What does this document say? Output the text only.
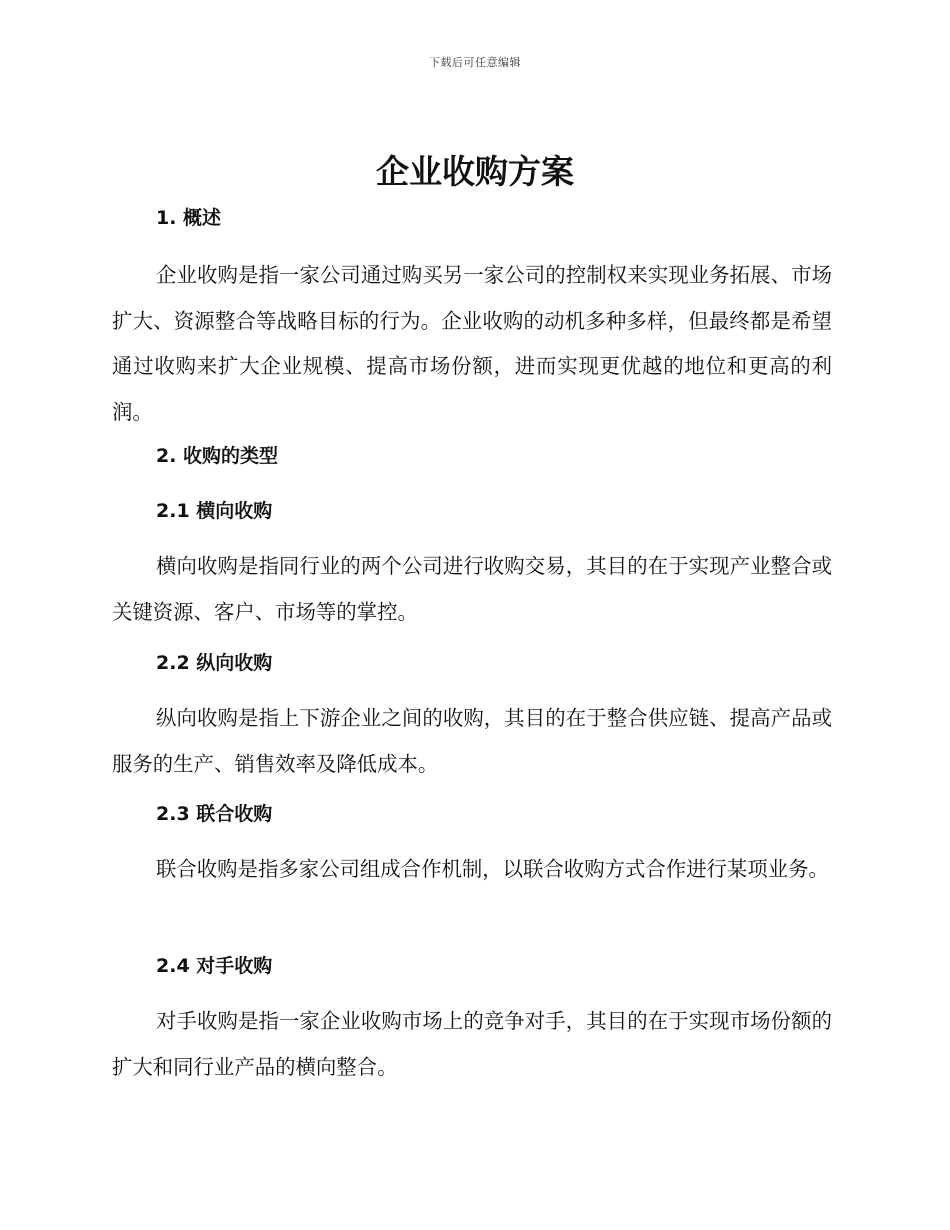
下载后可任意编辑
企业收购方案
1. 概述

企业收购是指一家公司通过购买另一家公司的控制权来实现业务拓展、市场扩大、资源整合等战略目标的行为。企业收购的动机多种多样，但最终都是希望通过收购来扩大企业规模、提高市场份额，进而实现更优越的地位和更高的利润。

2. 收购的类型
2.1 横向收购

横向收购是指同行业的两个公司进行收购交易，其目的在于实现产业整合或关键资源、客户、市场等的掌控。

2.2 纵向收购

纵向收购是指上下游企业之间的收购，其目的在于整合供应链、提高产品或服务的生产、销售效率及降低成本。

2.3 联合收购

联合收购是指多家公司组成合作机制，以联合收购方式合作进行某项业务。

2.4 对手收购

对手收购是指一家企业收购市场上的竞争对手，其目的在于实现市场份额的扩大和同行业产品的横向整合。
